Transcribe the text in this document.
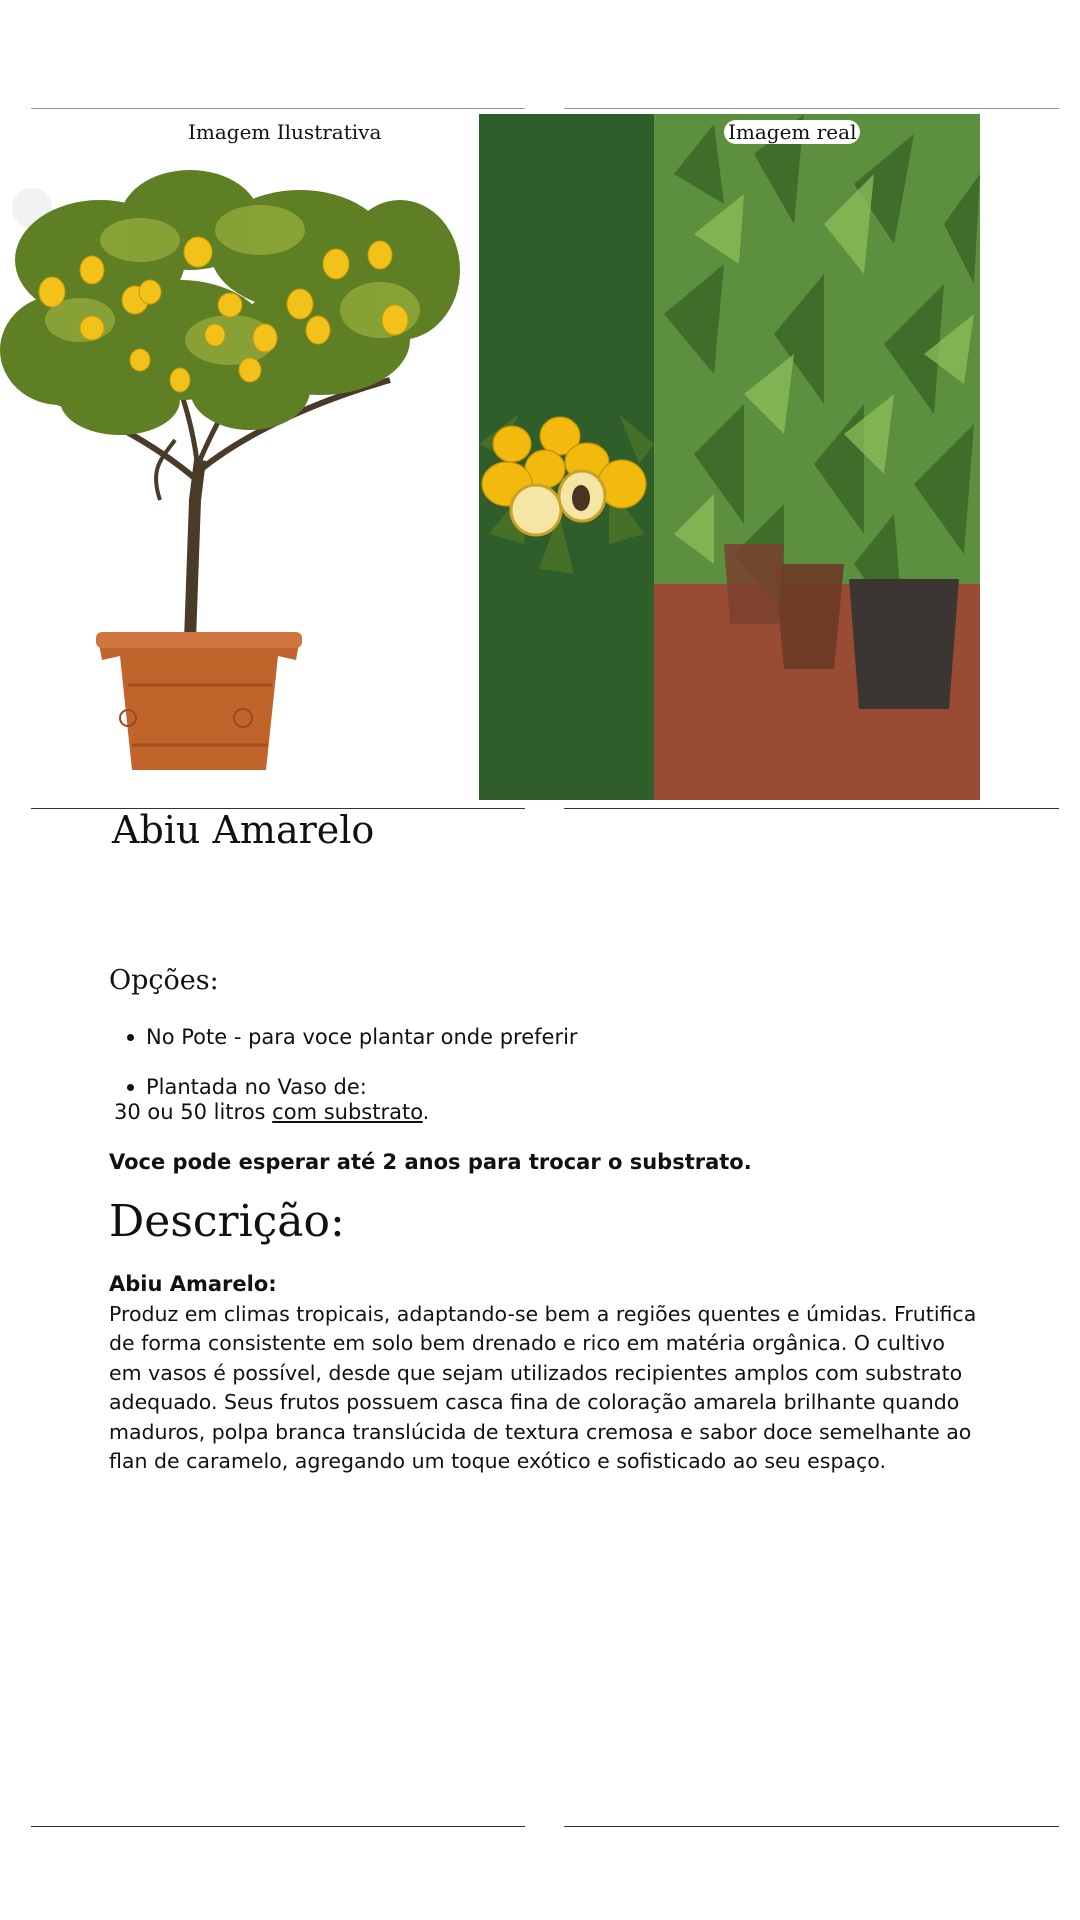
Imagem Ilustrativa	Imagem real
Abiu Amarelo
Opções:
No Pote - para voce plantar onde preferir
Plantada no Vaso de:
30 ou 50 litros com substrato.
Voce pode esperar até 2 anos para trocar o substrato.
Descrição:
Abiu Amarelo:
Produz em climas tropicais, adaptando-se bem a regiões quentes e úmidas. Frutifica de forma consistente em solo bem drenado e rico em matéria orgânica. O cultivo em vasos é possível, desde que sejam utilizados recipientes amplos com substrato adequado. Seus frutos possuem casca fina de coloração amarela brilhante quando maduros, polpa branca translúcida de textura cremosa e sabor doce semelhante ao flan de caramelo, agregando um toque exótico e sofisticado ao seu espaço.
